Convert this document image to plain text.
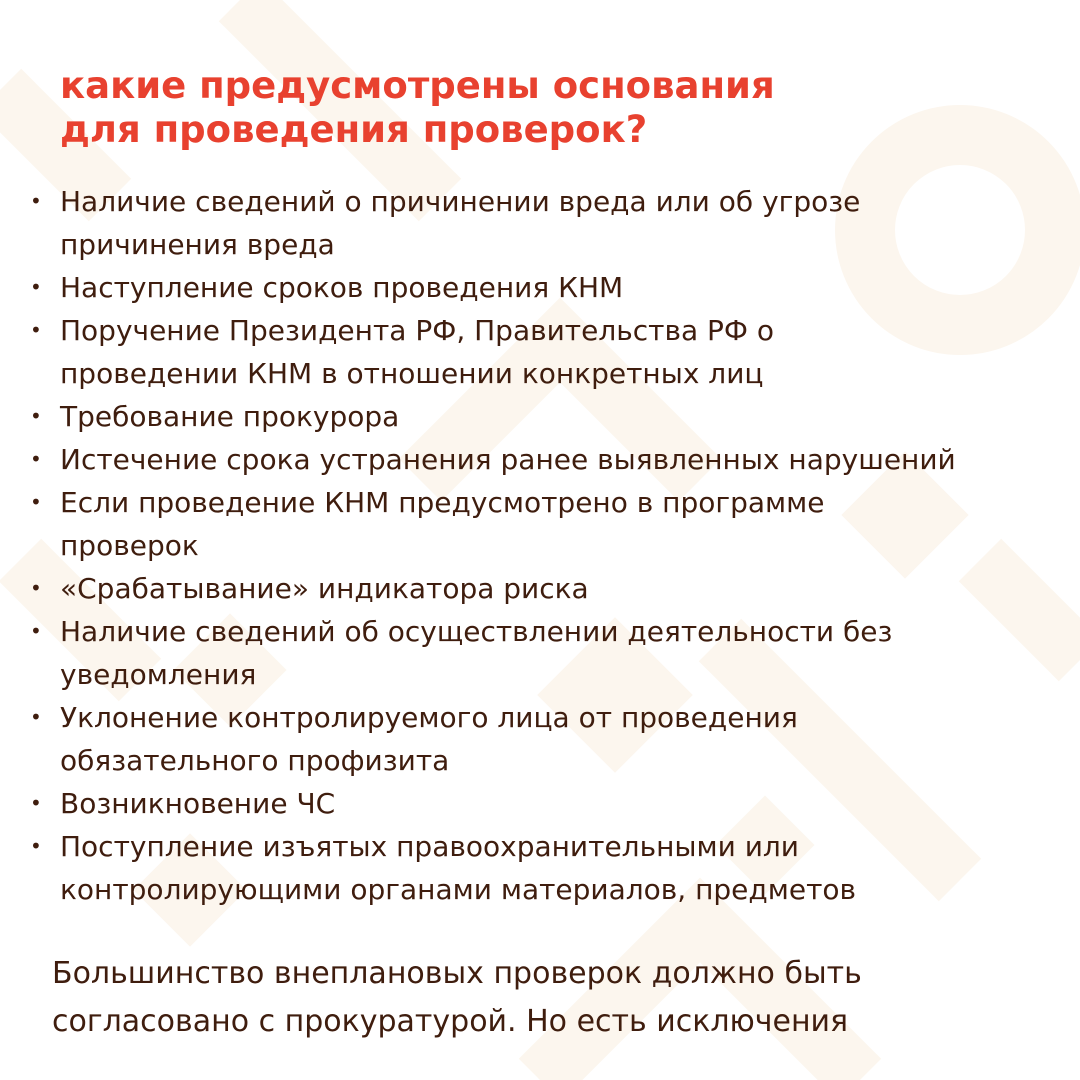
какие предусмотрены основания
для проведения проверок?
• Наличие сведений о причинении вреда или об угрозе
причинения вреда
• Наступление сроков проведения КНМ
• Поручение Президента РФ, Правительства РФ о
проведении КНМ в отношении конкретных лиц
• Требование прокурора
• Истечение срока устранения ранее выявленных нарушений
• Если проведение КНМ предусмотрено в программе
проверок
• «Срабатывание» индикатора риска
• Наличие сведений об осуществлении деятельности без
уведомления
• Уклонение контролируемого лица от проведения
обязательного профизита
• Возникновение ЧС
• Поступление изъятых правоохранительными или
контролирующими органами материалов, предметов

Большинство внеплановых проверок должно быть
согласовано с прокуратурой. Но есть исключения
